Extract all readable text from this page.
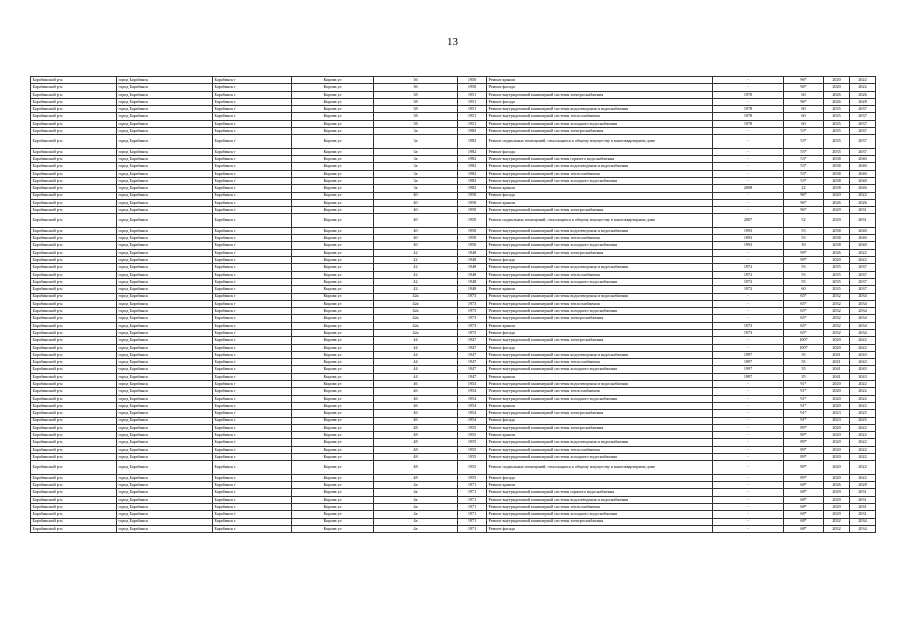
13
Барабинский р-н	город Барабинск	Барабинск г	Кирова ул	36	1950	Ремонт крыши	-	96*	2020	2022
Барабинский р-н	город Барабинск	Барабинск г	Кирова ул	36	1950	Ремонт фасада	-	96*	2020	2022
Барабинский р-н	город Барабинск	Барабинск г	Кирова ул	38	1951	Ремонт внутридомовой инженерной системы электроснабжения	1978	60	2026	2026
Барабинский р-н	город Барабинск	Барабинск г	Кирова ул	38	1951	Ремонт фасада	-	96*	2026	2028
Барабинский р-н	город Барабинск	Барабинск г	Кирова ул	38	1951	Ремонт внутридомовой инженерной системы водоотведения и водоснабжения	1978	60	2035	2037
Барабинский р-н	город Барабинск	Барабинск г	Кирова ул	38	1951	Ремонт внутридомовой инженерной системы теплоснабжения	1978	60	2035	2037
Барабинский р-н	город Барабинск	Барабинск г	Кирова ул	38	1951	Ремонт внутридомовой инженерной системы холодного водоснабжения	1978	60	2035	2037
Барабинский р-н	город Барабинск	Барабинск г	Кирова ул	3а	1982	Ремонт внутридомовой инженерной системы электроснабжения	-	53*	2035	2037
Барабинский р-н	город Барабинск	Барабинск г	Кирова ул	3а	1982	Ремонт подвальных помещений, относящихся к общему имуществу в многоквартирном доме	-	53*	2035	2037
Барабинский р-н	город Барабинск	Барабинск г	Кирова ул	3а	1982	Ремонт фасада	-	53*	2035	2037
Барабинский р-н	город Барабинск	Барабинск г	Кирова ул	3а	1982	Ремонт внутридомовой инженерной системы горячего водоснабжения	-	53*	2038	2040
Барабинский р-н	город Барабинск	Барабинск г	Кирова ул	3а	1982	Ремонт внутридомовой инженерной системы водоотведения и водоснабжения	-	53*	2038	2040
Барабинский р-н	город Барабинск	Барабинск г	Кирова ул	3а	1982	Ремонт внутридомовой инженерной системы теплоснабжения	-	53*	2038	2040
Барабинский р-н	город Барабинск	Барабинск г	Кирова ул	3а	1982	Ремонт внутридомовой инженерной системы холодного водоснабжения	-	53*	2038	2040
Барабинский р-н	город Барабинск	Барабинск г	Кирова ул	3а	1982	Ремонт крыши	2008	22	2038	2040
Барабинский р-н	город Барабинск	Барабинск г	Кирова ул	40	1950	Ремонт фасада	-	96*	2020	2022
Барабинский р-н	город Барабинск	Барабинск г	Кирова ул	40	1950	Ремонт крыши	-	96*	2026	2026
Барабинский р-н	город Барабинск	Барабинск г	Кирова ул	40	1950	Ремонт внутридомовой инженерной системы электроснабжения	-	96*	2029	2031
Барабинский р-н	город Барабинск	Барабинск г	Кирова ул	40	1950	Ремонт подвальных помещений, относящихся к общему имуществу в многоквартирном доме	2007	52	2029	2031
Барабинский р-н	город Барабинск	Барабинск г	Кирова ул	40	1950	Ремонт внутридомовой инженерной системы водоотведения и водоснабжения	1993	55	2038	2040
Барабинский р-н	город Барабинск	Барабинск г	Кирова ул	40	1950	Ремонт внутридомовой инженерной системы теплоснабжения	1993	55	2038	2040
Барабинский р-н	город Барабинск	Барабинск г	Кирова ул	40	1950	Ремонт внутридомовой инженерной системы холодного водоснабжения	1993	30	2038	2040
Барабинский р-н	город Барабинск	Барабинск г	Кирова ул	42	1948	Ремонт внутридомовой инженерной системы электроснабжения	-	99*	2026	2022
Барабинский р-н	город Барабинск	Барабинск г	Кирова ул	42	1948	Ремонт фасада	-	99*	2020	2022
Барабинский р-н	город Барабинск	Барабинск г	Кирова ул	42	1948	Ремонт внутридомовой инженерной системы водоотведения и водоснабжения	1972	55	2035	2037
Барабинский р-н	город Барабинск	Барабинск г	Кирова ул	42	1948	Ремонт внутридомовой инженерной системы теплоснабжения	1972	55	2035	2037
Барабинский р-н	город Барабинск	Барабинск г	Кирова ул	42	1948	Ремонт внутридомовой инженерной системы холодного водоснабжения	1972	55	2035	2037
Барабинский р-н	город Барабинск	Барабинск г	Кирова ул	42	1948	Ремонт крыши	1972	60	2035	2037
Барабинский р-н	город Барабинск	Барабинск г	Кирова ул	42а	1973	Ремонт внутридомовой инженерной системы водоотведения и водоснабжения	-	65*	2032	2034
Барабинский р-н	город Барабинск	Барабинск г	Кирова ул	42а	1973	Ремонт внутридомовой инженерной системы теплоснабжения	-	65*	2032	2034
Барабинский р-н	город Барабинск	Барабинск г	Кирова ул	42а	1973	Ремонт внутридомовой инженерной системы холодного водоснабжения	-	65*	2032	2034
Барабинский р-н	город Барабинск	Барабинск г	Кирова ул	42а	1973	Ремонт внутридомовой инженерной системы электроснабжения	-	65*	2032	2034
Барабинский р-н	город Барабинск	Барабинск г	Кирова ул	42а	1973	Ремонт крыши	1973	65*	2032	2034
Барабинский р-н	город Барабинск	Барабинск г	Кирова ул	42а	1973	Ремонт фасада	1973	65*	2032	2034
Барабинский р-н	город Барабинск	Барабинск г	Кирова ул	44	1947	Ремонт внутридомовой инженерной системы электроснабжения	-	100*	2020	2022
Барабинский р-н	город Барабинск	Барабинск г	Кирова ул	44	1947	Ремонт фасада	-	100*	2020	2022
Барабинский р-н	город Барабинск	Барабинск г	Кирова ул	44	1947	Ремонт внутридомовой инженерной системы водоотведения и водоснабжения	1997	35	2041	2043
Барабинский р-н	город Барабинск	Барабинск г	Кирова ул	44	1947	Ремонт внутридомовой инженерной системы теплоснабжения	1997	35	2041	2043
Барабинский р-н	город Барабинск	Барабинск г	Кирова ул	44	1947	Ремонт внутридомовой инженерной системы холодного водоснабжения	1997	35	2041	2043
Барабинский р-н	город Барабинск	Барабинск г	Кирова ул	44	1947	Ремонт крыши	1997	35	2041	2043
Барабинский р-н	город Барабинск	Барабинск г	Кирова ул	46	1954	Ремонт внутридомовой инженерной системы водоотведения и водоснабжения	-	91*	2020	2022
Барабинский р-н	город Барабинск	Барабинск г	Кирова ул	46	1954	Ремонт внутридомовой инженерной системы теплоснабжения	-	91*	2020	2022
Барабинский р-н	город Барабинск	Барабинск г	Кирова ул	46	1954	Ремонт внутридомовой инженерной системы холодного водоснабжения	-	91*	2020	2022
Барабинский р-н	город Барабинск	Барабинск г	Кирова ул	46	1954	Ремонт крыши	-	91*	2020	2022
Барабинский р-н	город Барабинск	Барабинск г	Кирова ул	46	1954	Ремонт внутридомовой инженерной системы электроснабжения	-	91*	2023	2025
Барабинский р-н	город Барабинск	Барабинск г	Кирова ул	46	1954	Ремонт фасада	-	91*	2023	2025
Барабинский р-н	город Барабинск	Барабинск г	Кирова ул	48	1955	Ремонт внутридомовой инженерной системы электроснабжения	-	89*	2020	2022
Барабинский р-н	город Барабинск	Барабинск г	Кирова ул	48	1955	Ремонт крыши	-	89*	2020	2022
Барабинский р-н	город Барабинск	Барабинск г	Кирова ул	48	1955	Ремонт внутридомовой инженерной системы водоотведения и водоснабжения	-	89*	2020	2022
Барабинский р-н	город Барабинск	Барабинск г	Кирова ул	48	1955	Ремонт внутридомовой инженерной системы теплоснабжения	-	89*	2020	2022
Барабинский р-н	город Барабинск	Барабинск г	Кирова ул	48	1955	Ремонт внутридомовой инженерной системы холодного водоснабжения	-	89*	2020	2022
Барабинский р-н	город Барабинск	Барабинск г	Кирова ул	48	1955	Ремонт подвальных помещений, относящихся к общему имуществу в многоквартирном доме	-	89*	2020	2022
Барабинский р-н	город Барабинск	Барабинск г	Кирова ул	48	1955	Ремонт фасада	-	89*	2020	2022
Барабинский р-н	город Барабинск	Барабинск г	Кирова ул	4а	1971	Ремонт крыши	-	68*	2026	2028
Барабинский р-н	город Барабинск	Барабинск г	Кирова ул	4а	1971	Ремонт внутридомовой инженерной системы горячего водоснабжения	-	68*	2029	2031
Барабинский р-н	город Барабинск	Барабинск г	Кирова ул	4а	1971	Ремонт внутридомовой инженерной системы водоотведения и водоснабжения	-	68*	2029	2031
Барабинский р-н	город Барабинск	Барабинск г	Кирова ул	4а	1971	Ремонт внутридомовой инженерной системы теплоснабжения	-	68*	2029	2031
Барабинский р-н	город Барабинск	Барабинск г	Кирова ул	4а	1971	Ремонт внутридомовой инженерной системы холодного водоснабжения	-	68*	2029	2031
Барабинский р-н	город Барабинск	Барабинск г	Кирова ул	4а	1971	Ремонт внутридомовой инженерной системы электроснабжения	-	68*	2032	2034
Барабинский р-н	город Барабинск	Барабинск г	Кирова ул	4а	1971	Ремонт фасада	-	68*	2032	2034
